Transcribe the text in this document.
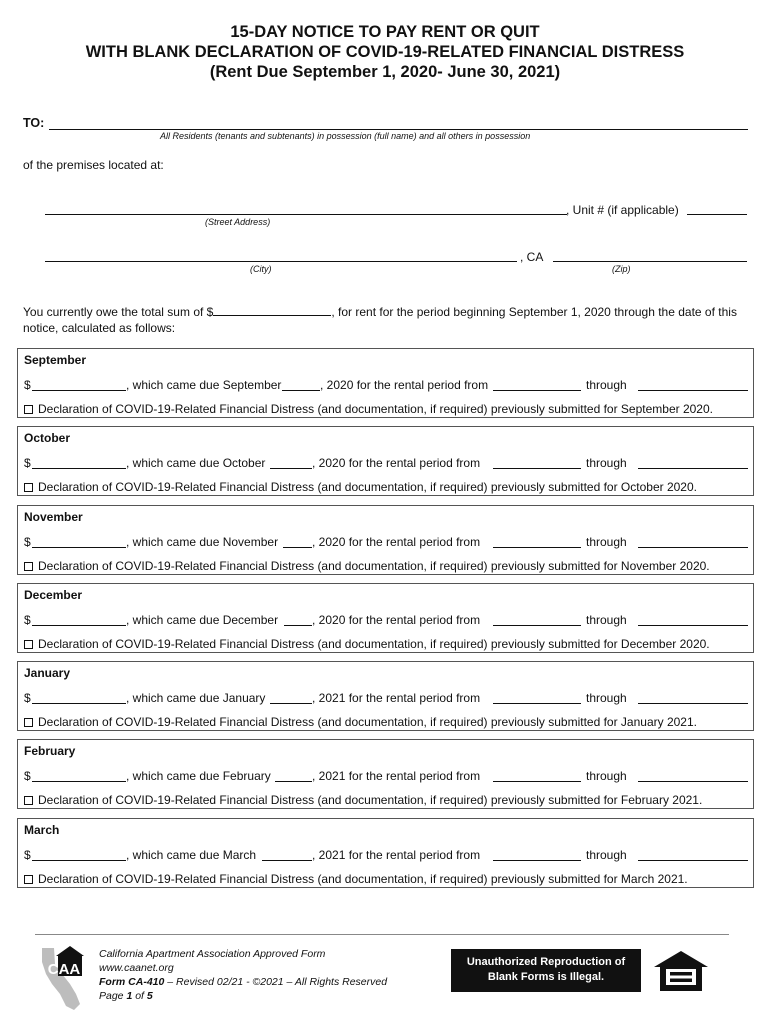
15-DAY NOTICE TO PAY RENT OR QUIT
WITH BLANK DECLARATION OF COVID-19-RELATED FINANCIAL DISTRESS
(Rent Due September 1, 2020- June 30, 2021)
TO:
All Residents (tenants and subtenants) in possession (full name) and all others in possession
of the premises located at:
, Unit # (if applicable)
(Street Address)
, CA
(City)	(Zip)
You currently owe the total sum of $	, for rent for the period beginning September 1, 2020 through the date of this notice, calculated as follows:
September
$	, which came due September	, 2020 for the rental period from	through
Declaration of COVID-19-Related Financial Distress (and documentation, if required) previously submitted for September 2020.
October
$	, which came due October	, 2020 for the rental period from	through
Declaration of COVID-19-Related Financial Distress (and documentation, if required) previously submitted for October 2020.
November
$	, which came due November	, 2020 for the rental period from	through
Declaration of COVID-19-Related Financial Distress (and documentation, if required) previously submitted for November 2020.
December
$	, which came due December	, 2020 for the rental period from	through
Declaration of COVID-19-Related Financial Distress (and documentation, if required) previously submitted for December 2020.
January
$	, which came due January	, 2021 for the rental period from	through
Declaration of COVID-19-Related Financial Distress (and documentation, if required) previously submitted for January 2021.
February
$	, which came due February	, 2021 for the rental period from	through
Declaration of COVID-19-Related Financial Distress (and documentation, if required) previously submitted for February 2021.
March
$	, which came due March	, 2021 for the rental period from	through
Declaration of COVID-19-Related Financial Distress (and documentation, if required) previously submitted for March 2021.
CAA
California Apartment Association Approved Form
www.caanet.org
Form CA-410 – Revised 02/21 - ©2021 – All Rights Reserved
Page 1 of 5
Unauthorized Reproduction of
Blank Forms is Illegal.
